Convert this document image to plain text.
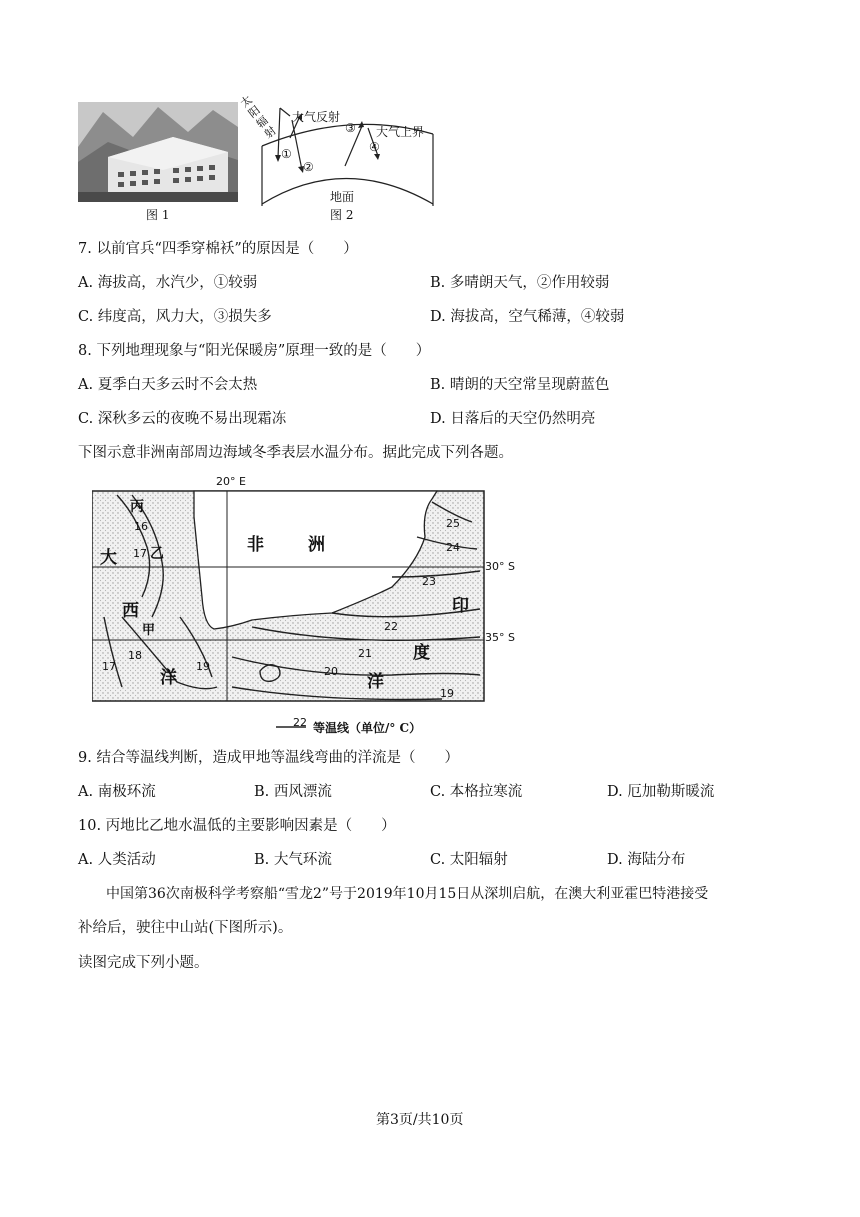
图 1
太阳辐射
大气反射
大气上界
地面
①
②
③
④
图 2
7. 以前官兵“四季穿棉袄”的原因是（　　）
A. 海拔高，水汽少，①较弱	B. 多晴朗天气，②作用较弱
C. 纬度高，风力大，③损失多	D. 海拔高，空气稀薄，④较弱
8. 下列地理现象与“阳光保暖房”原理一致的是（　　）
A. 夏季白天多云时不会太热	B. 晴朗的天空常呈现蔚蓝色
C. 深秋多云的夜晚不易出现霜冻	D. 日落后的天空仍然明亮
下图示意非洲南部周边海域冬季表层水温分布。据此完成下列各题。
20° E
30° S
35° S
非	洲
丙
大 乙
西
甲
洋
印
度
洋
16
17
18
19
17
25
24
23
22
21
20
19
22 等温线（单位/° C）
9. 结合等温线判断，造成甲地等温线弯曲的洋流是（　　）
A. 南极环流	B. 西风漂流	C. 本格拉寒流	D. 厄加勒斯暖流
10. 丙地比乙地水温低的主要影响因素是（　　）
A. 人类活动	B. 大气环流	C. 太阳辐射	D. 海陆分布
中国第36次南极科学考察船“雪龙2”号于2019年10月15日从深圳启航，在澳大利亚霍巴特港接受
补给后，驶往中山站(下图所示)。
读图完成下列小题。
第3页/共10页
